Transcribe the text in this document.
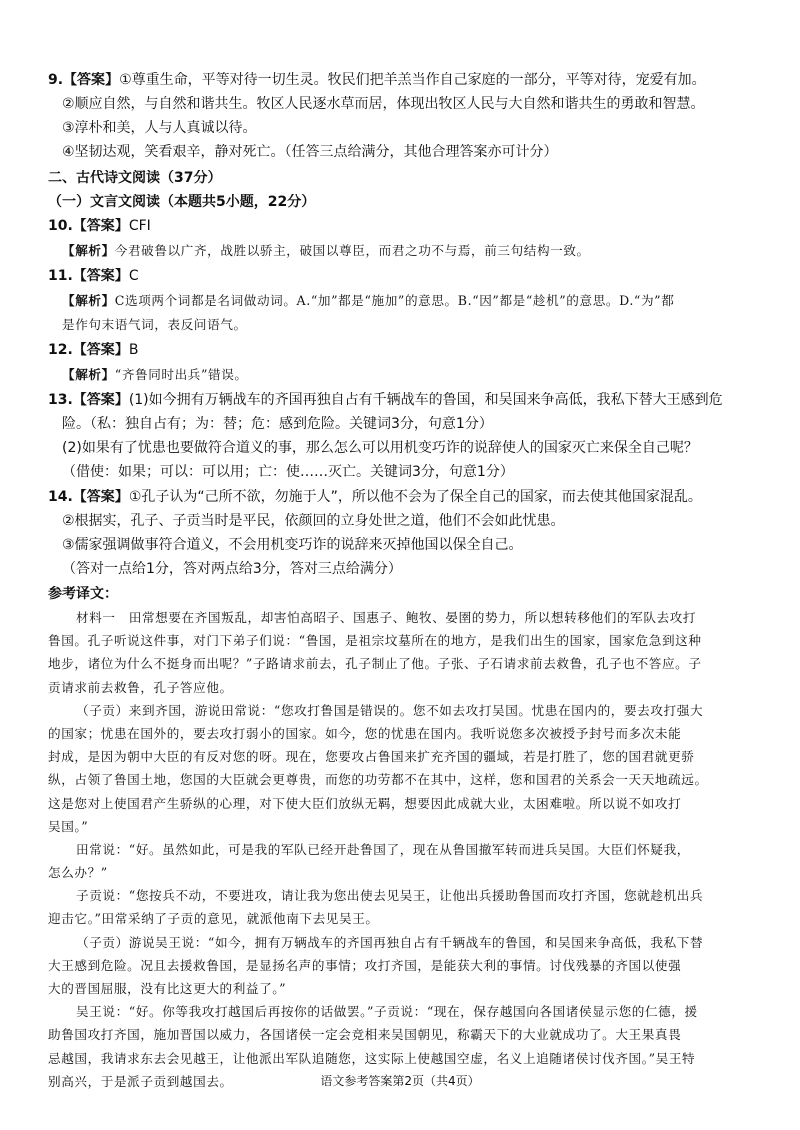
9.【答案】①尊重生命，平等对待一切生灵。牧民们把羊羔当作自己家庭的一部分，平等对待，宠爱有加。

②顺应自然，与自然和谐共生。牧区人民逐水草而居，体现出牧区人民与大自然和谐共生的勇敢和智慧。

③淳朴和美，人与人真诚以待。

④坚韧达观，笑看艰辛，静对死亡。（任答三点给满分，其他合理答案亦可计分）

二、古代诗文阅读（37分）

（一）文言文阅读（本题共5小题，22分）

10.【答案】CFI

【解析】今君破鲁以广齐，战胜以骄主，破国以尊臣，而君之功不与焉，前三句结构一致。

11.【答案】C

【解析】C选项两个词都是名词做动词。A.“加”都是“施加”的意思。B.“因”都是“趁机”的意思。D.“为”都

是作句末语气词，表反问语气。

12.【答案】B

【解析】“齐鲁同时出兵”错误。

13.【答案】(1)如今拥有万辆战车的齐国再独自占有千辆战车的鲁国，和吴国来争高低，我私下替大王感到危

险。（私：独自占有；为：替；危：感到危险。关键词3分，句意1分）

(2)如果有了忧患也要做符合道义的事，那么怎么可以用机变巧诈的说辞使人的国家灭亡来保全自己呢？

（借使：如果；可以：可以用；亡：使……灭亡。关键词3分，句意1分）

14.【答案】①孔子认为“己所不欲，勿施于人”，所以他不会为了保全自己的国家，而去使其他国家混乱。

②根据实，孔子、子贡当时是平民，依颜回的立身处世之道，他们不会如此忧患。

③儒家强调做事符合道义，不会用机变巧诈的说辞来灭掉他国以保全自己。

（答对一点给1分，答对两点给3分，答对三点给满分）

参考译文：

材料一　田常想要在齐国叛乱，却害怕高昭子、国惠子、鲍牧、晏圉的势力，所以想转移他们的军队去攻打

鲁国。孔子听说这件事，对门下弟子们说：“鲁国，是祖宗坟墓所在的地方，是我们出生的国家，国家危急到这种

地步，诸位为什么不挺身而出呢？”子路请求前去，孔子制止了他。子张、子石请求前去救鲁，孔子也不答应。子

贡请求前去救鲁，孔子答应他。

（子贡）来到齐国，游说田常说：“您攻打鲁国是错误的。您不如去攻打吴国。忧患在国内的，要去攻打强大

的国家；忧患在国外的，要去攻打弱小的国家。如今，您的忧患在国内。我听说您多次被授予封号而多次未能

封成，是因为朝中大臣的有反对您的呀。现在，您要攻占鲁国来扩充齐国的疆域，若是打胜了，您的国君就更骄

纵，占领了鲁国土地，您国的大臣就会更尊贵，而您的功劳都不在其中，这样，您和国君的关系会一天天地疏远。

这是您对上使国君产生骄纵的心理，对下使大臣们放纵无羁，想要因此成就大业，太困难啦。所以说不如攻打

吴国。”

田常说：“好。虽然如此，可是我的军队已经开赴鲁国了，现在从鲁国撤军转而进兵吴国。大臣们怀疑我，

怎么办？”

子贡说：“您按兵不动，不要进攻，请让我为您出使去见吴王，让他出兵援助鲁国而攻打齐国，您就趁机出兵

迎击它。”田常采纳了子贡的意见，就派他南下去见吴王。

（子贡）游说吴王说：“如今，拥有万辆战车的齐国再独自占有千辆战车的鲁国，和吴国来争高低，我私下替

大王感到危险。况且去援救鲁国，是显扬名声的事情；攻打齐国，是能获大利的事情。讨伐残暴的齐国以使强

大的晋国屈服，没有比这更大的利益了。”

吴王说：“好。你等我攻打越国后再按你的话做罢。”子贡说：“现在，保存越国向各国诸侯显示您的仁德，援

助鲁国攻打齐国，施加晋国以威力，各国诸侯一定会竞相来吴国朝见，称霸天下的大业就成功了。大王果真畏

忌越国，我请求东去会见越王，让他派出军队追随您，这实际上使越国空虚，名义上追随诸侯讨伐齐国。”吴王特

别高兴，于是派子贡到越国去。	语文参考答案第2页（共4页）
